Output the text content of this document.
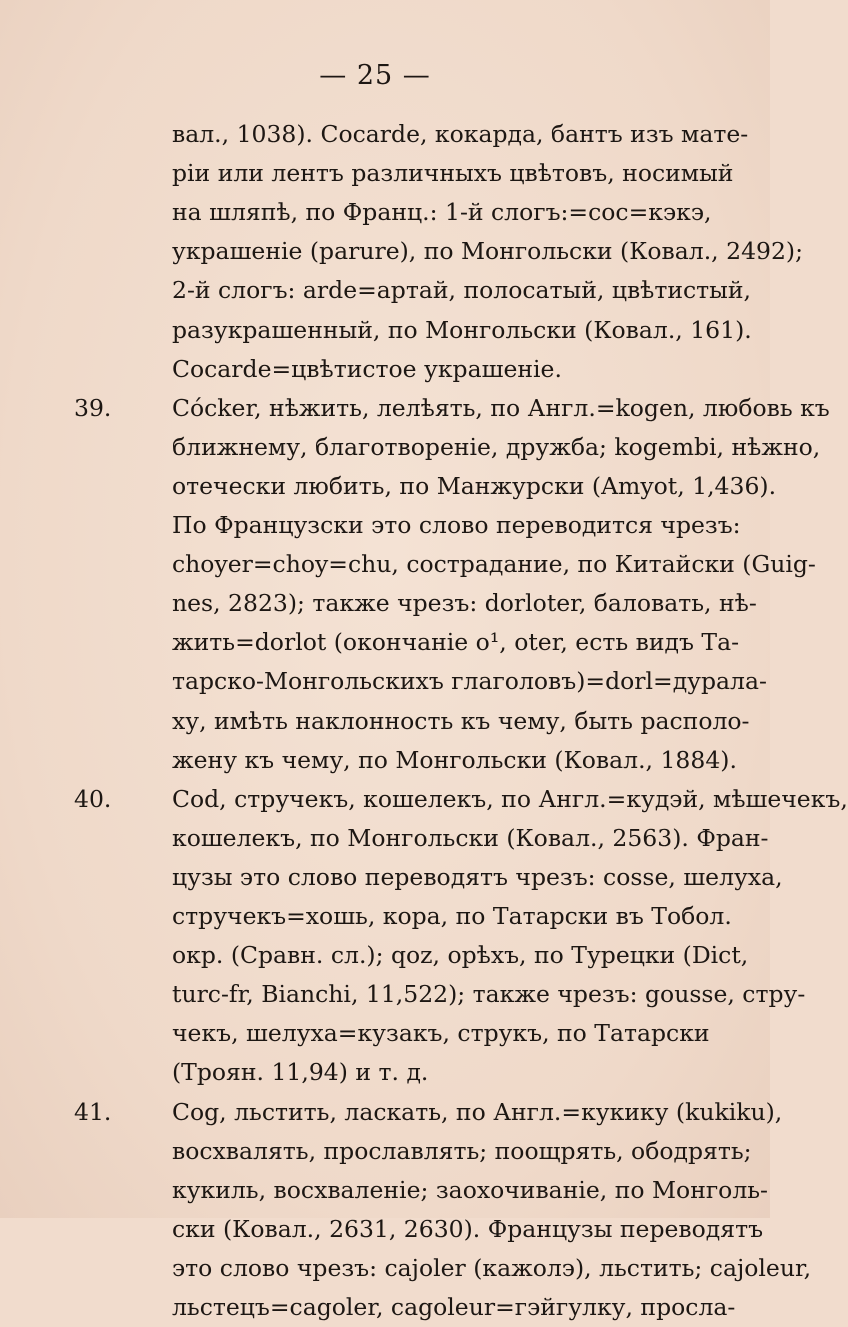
— 25 —
вал., 1038). Cocarde, кокарда, бантъ изъ мате-
ріи или лентъ различныхъ цвѣтовъ, носимый
на шляпѣ, по Франц.: 1-й слогъ:=coc=кэкэ,
украшеніе (parure), по Монгольски (Ковал., 2492);
2-й слогъ: arde=артай, полосатый, цвѣтистый,
разукрашенный, по Монгольски (Ковал., 161).
Cocarde=цвѣтистое украшеніе.
39.	Cócker, нѣжить, лелѣять, по Англ.=kogen, любовь къ
ближнему, благотвореніе, дружба; kogembi, нѣжно,
отечески любить, по Манжурски (Amyot, 1,436).
По Французски это слово переводится чрезъ:
choyer=choy=chu, сострадание, по Китайски (Guig-
nes, 2823); также чрезъ: dorloter, баловать, нѣ-
жить=dorlot (окончаніе o¹, oter, есть видъ Та-
тарско-Монгольскихъ глаголовъ)=dorl=дурала-
ху, имѣть наклонность къ чему, быть располо-
жену къ чему, по Монгольски (Ковал., 1884).
40.	Cod, стручекъ, кошелекъ, по Англ.=кудэй, мѣшечекъ,
кошелекъ, по Монгольски (Ковал., 2563). Фран-
цузы это слово переводятъ чрезъ: cosse, шелуха,
стручекъ=хошь, кора, по Татарски въ Тобол.
окр. (Сравн. сл.); qoz, орѣхъ, по Турецки (Dict,
turc-fr, Bianchi, 11,522); также чрезъ: gousse, стру-
чекъ, шелуха=кузакъ, струкъ, по Татарски
(Троян. 11,94) и т. д.
41.	Cog, льстить, ласкать, по Англ.=кукику (kukiku),
восхвалять, прославлять; поощрять, ободрять;
кукиль, восхваленіе; заохочиваніе, по Монголь-
ски (Ковал., 2631, 2630). Французы переводятъ
это слово чрезъ: cajoler (кажолэ), льстить; cajoleur,
льстецъ=cagoler, cagoleur=гэйгулку, просла-
